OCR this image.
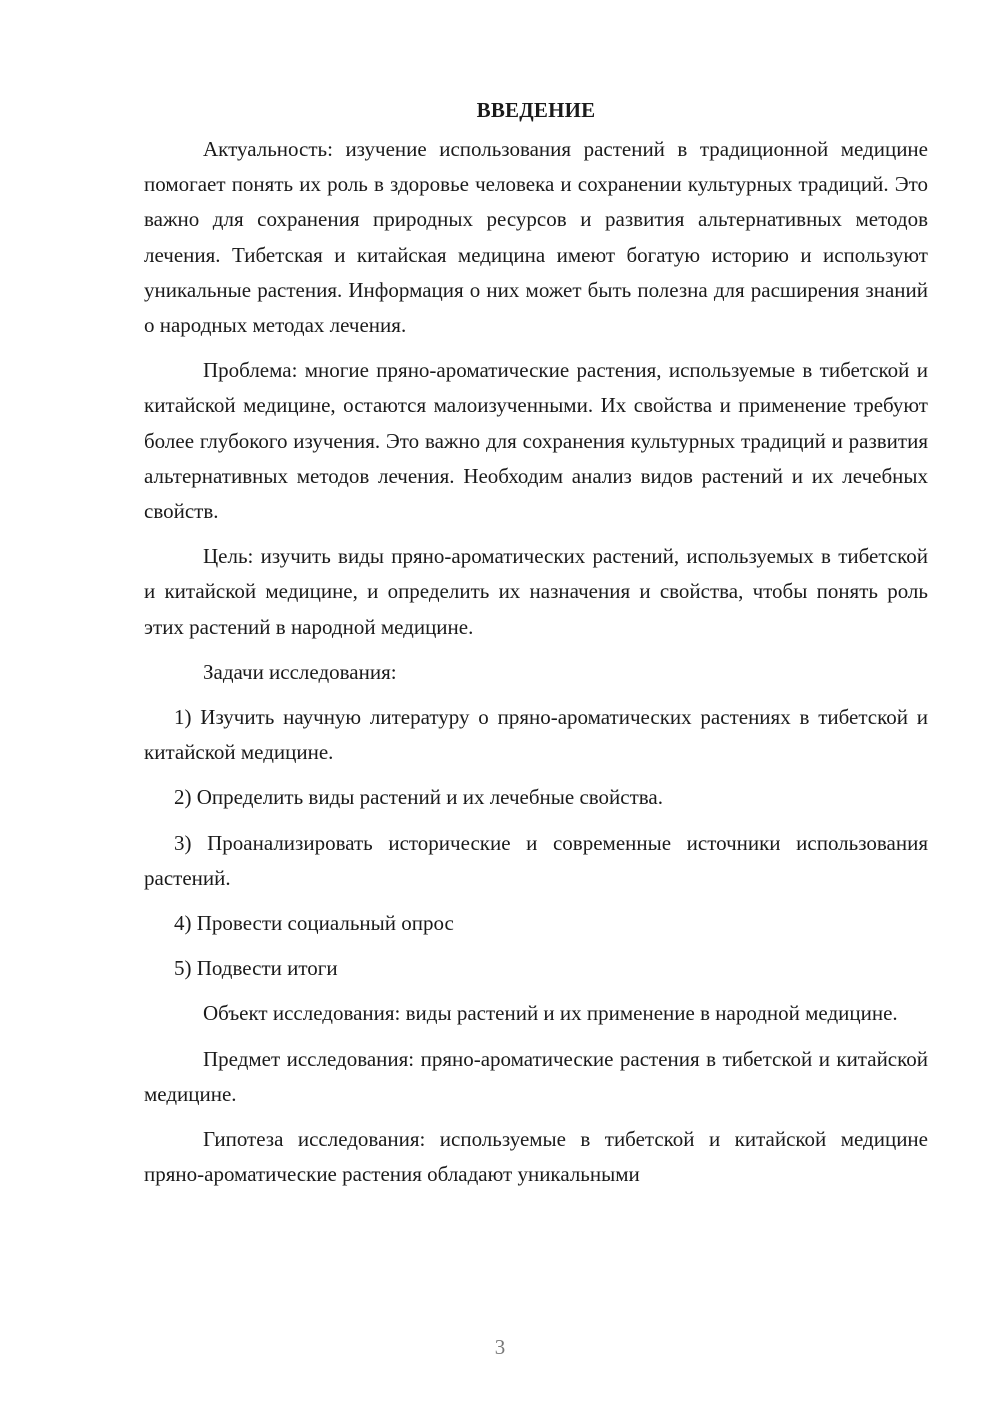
ВВЕДЕНИЕ

Актуальность: изучение использования растений в традиционной медицине помогает понять их роль в здоровье человека и сохранении культурных традиций. Это важно для сохранения природных ресурсов и развития альтернативных методов лечения. Тибетская и китайская медицина имеют богатую историю и используют уникальные растения. Информация о них может быть полезна для расширения знаний о народных методах лечения.

Проблема: многие пряно-ароматические растения, используемые в тибетской и китайской медицине, остаются малоизученными. Их свойства и применение требуют более глубокого изучения. Это важно для сохранения культурных традиций и развития альтернативных методов лечения. Необходим анализ видов растений и их лечебных свойств.

Цель: изучить виды пряно-ароматических растений, используемых в тибетской и китайской медицине, и определить их назначения и свойства, чтобы понять роль этих растений в народной медицине.

Задачи исследования:

1) Изучить научную литературу о пряно-ароматических растениях в тибетской и китайской медицине.

2) Определить виды растений и их лечебные свойства.

3) Проанализировать исторические и современные источники использования растений.

4) Провести социальный опрос

5) Подвести итоги

Объект исследования: виды растений и их применение в народной медицине.

Предмет исследования: пряно-ароматические растения в тибетской и китайской медицине.

Гипотеза исследования: используемые в тибетской и китайской медицине пряно-ароматические растения обладают уникальными

3
